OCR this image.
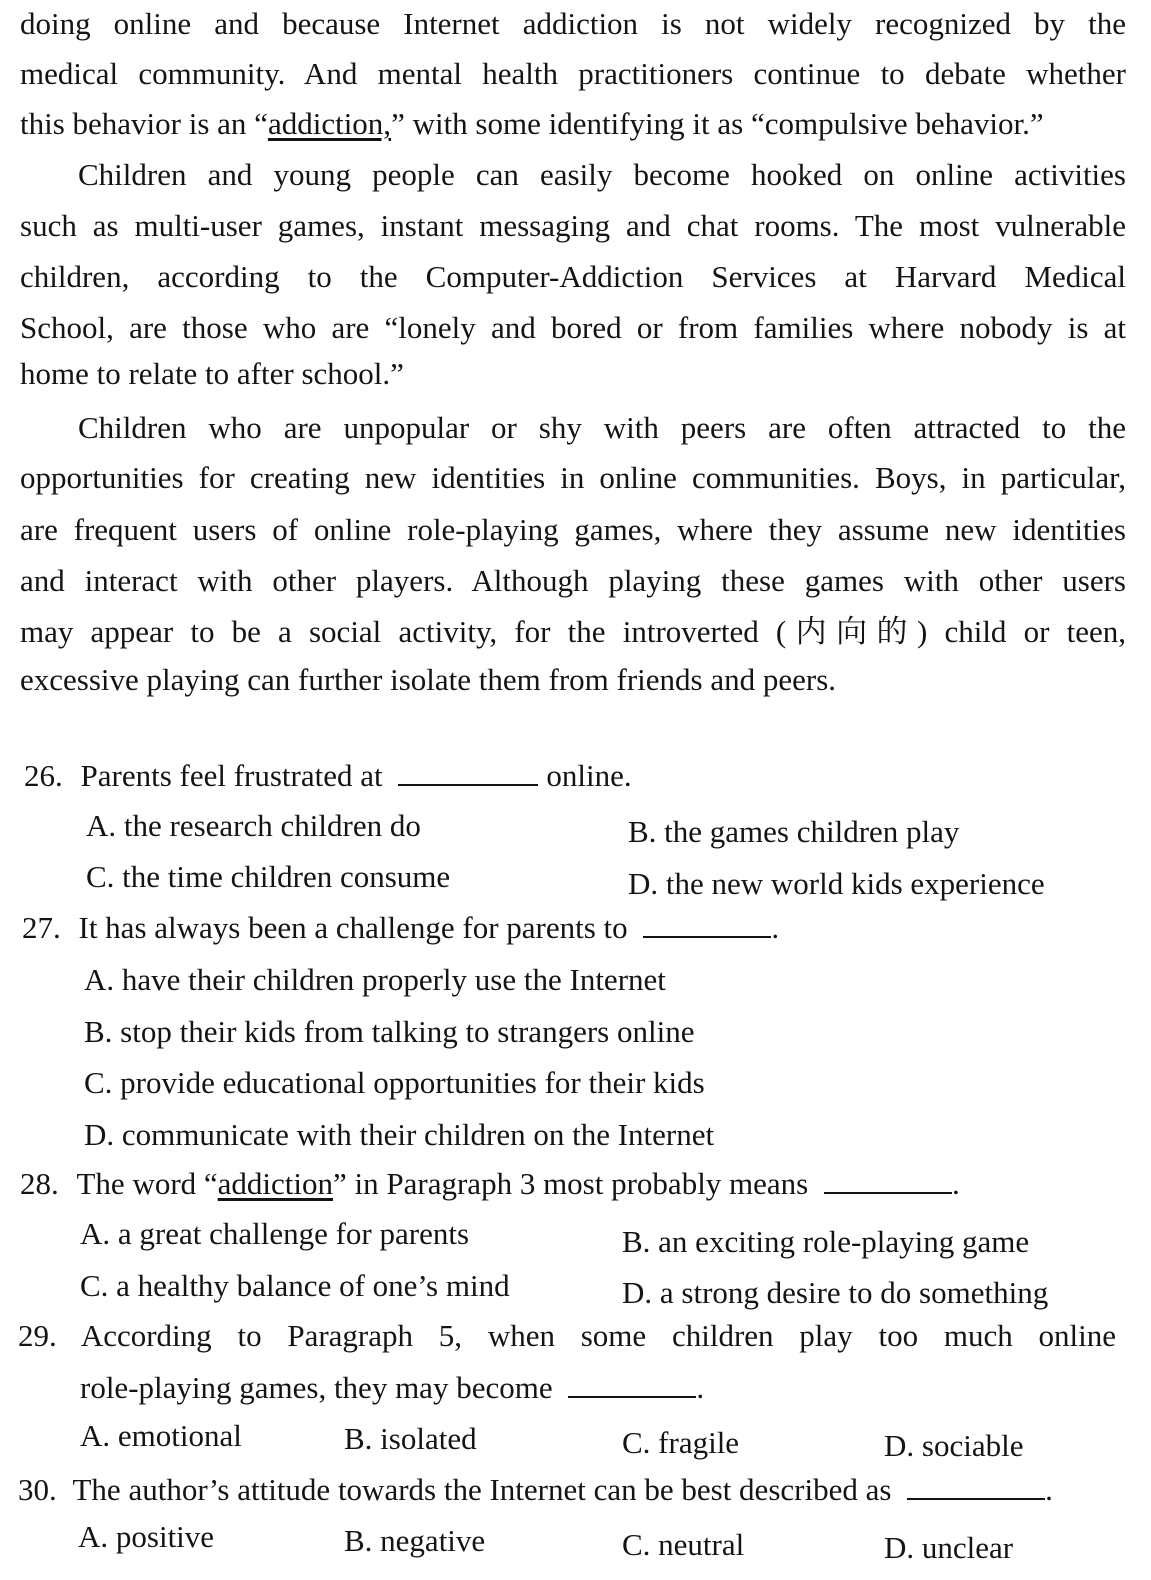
doing online and because Internet addiction is not widely recognized by the
medical community. And mental health practitioners continue to debate whether
this behavior is an “addiction,” with some identifying it as “compulsive behavior.”
Children and young people can easily become hooked on online activities
such as multi-user games, instant messaging and chat rooms. The most vulnerable
children, according to the Computer-Addiction Services at Harvard Medical
School, are those who are “lonely and bored or from families where nobody is at
home to relate to after school.”
Children who are unpopular or shy with peers are often attracted to the
opportunities for creating new identities in online communities. Boys, in particular,
are frequent users of online role-playing games, where they assume new identities
and interact with other players. Although playing these games with other users
may appear to be a social activity, for the introverted (内向的) child or teen,
excessive playing can further isolate them from friends and peers.
26. Parents feel frustrated at	online.
A. the research children do	B. the games children play
C. the time children consume	D. the new world kids experience
27. It has always been a challenge for parents to	.
A. have their children properly use the Internet
B. stop their kids from talking to strangers online
C. provide educational opportunities for their kids
D. communicate with their children on the Internet
28. The word “addiction” in Paragraph 3 most probably means	.
A. a great challenge for parents	B. an exciting role-playing game
C. a healthy balance of one’s mind	D. a strong desire to do something
29. According to Paragraph 5, when some children play too much online
role-playing games, they may become	.
A. emotional	B. isolated	C. fragile	D. sociable
30. The author’s attitude towards the Internet can be best described as	.
A. positive	B. negative	C. neutral	D. unclear
